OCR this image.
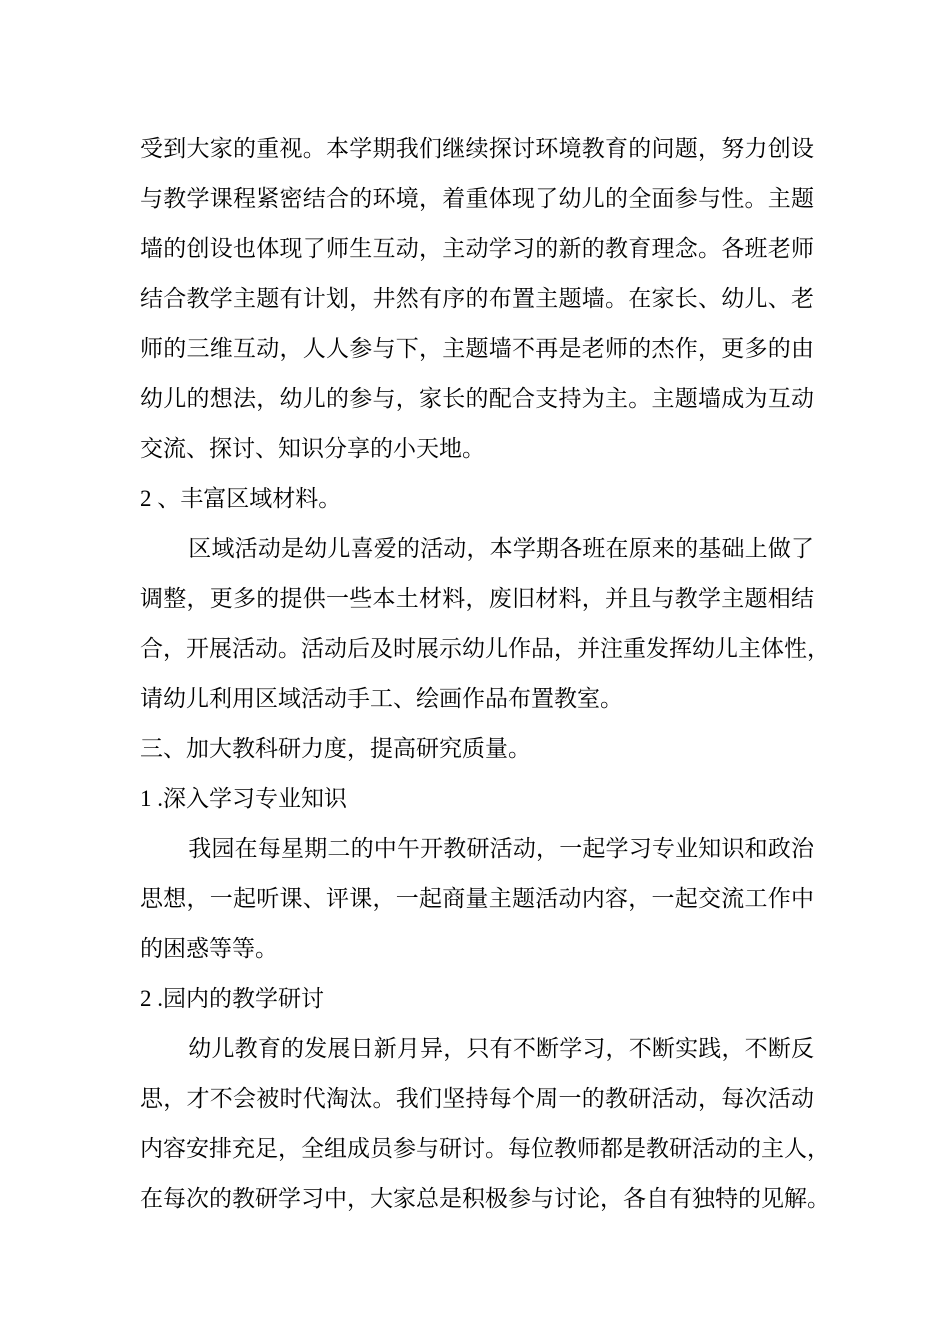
受到大家的重视。本学期我们继续探讨环境教育的问题，努力创设
与教学课程紧密结合的环境，着重体现了幼儿的全面参与性。主题
墙的创设也体现了师生互动，主动学习的新的教育理念。各班老师
结合教学主题有计划，井然有序的布置主题墙。在家长、幼儿、老
师的三维互动，人人参与下，主题墙不再是老师的杰作，更多的由
幼儿的想法，幼儿的参与，家长的配合支持为主。主题墙成为互动
交流、探讨、知识分享的小天地。
2 、丰富区域材料。
区域活动是幼儿喜爱的活动，本学期各班在原来的基础上做了
调整，更多的提供一些本土材料，废旧材料，并且与教学主题相结
合，开展活动。活动后及时展示幼儿作品，并注重发挥幼儿主体性，
请幼儿利用区域活动手工、绘画作品布置教室。
三、加大教科研力度，提高研究质量。
1 .深入学习专业知识
我园在每星期二的中午开教研活动，一起学习专业知识和政治
思想，一起听课、评课，一起商量主题活动内容，一起交流工作中
的困惑等等。
2 .园内的教学研讨
幼儿教育的发展日新月异，只有不断学习，不断实践，不断反
思，才不会被时代淘汰。我们坚持每个周一的教研活动，每次活动
内容安排充足，全组成员参与研讨。每位教师都是教研活动的主人，
在每次的教研学习中，大家总是积极参与讨论，各自有独特的见解。
